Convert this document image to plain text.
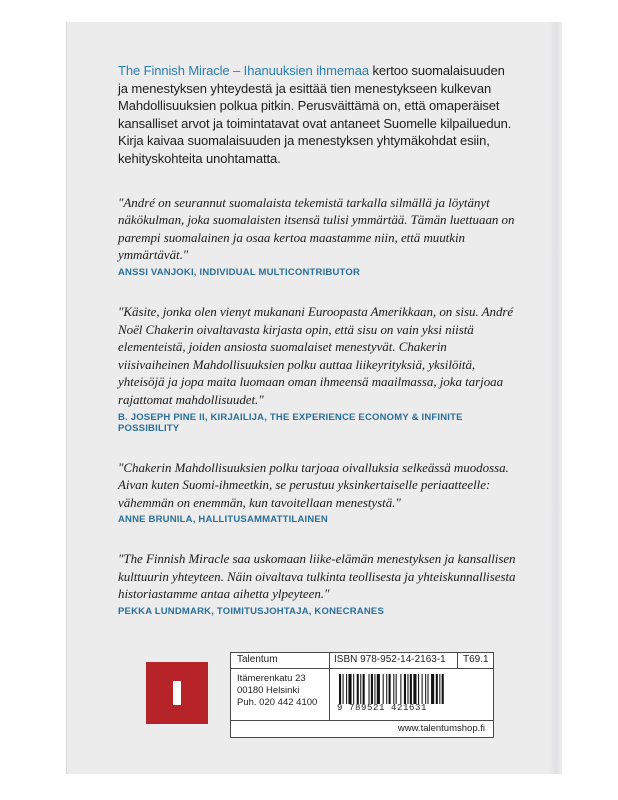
The Finnish Miracle – Ihanuuksien ihmemaa kertoo suomalaisuuden ja menestyksen yhteydestä ja esittää tien menestykseen kulkevan Mahdollisuuksien polkua pitkin. Perusväittämä on, että omaperäiset kansalliset arvot ja toimintatavat ovat antaneet Suomelle kilpailuedun. Kirja kaivaa suomalaisuuden ja menestyksen yhtymäkohdat esiin, kehityskohteita unohtamatta.

"André on seurannut suomalaista tekemistä tarkalla silmällä ja löytänyt näkökulman, joka suomalaisten itsensä tulisi ymmärtää. Tämän luettuaan on parempi suomalainen ja osaa kertoa maastamme niin, että muutkin ymmärtävät."

ANSSI VANJOKI, INDIVIDUAL MULTICONTRIBUTOR

"Käsite, jonka olen vienyt mukanani Euroopasta Amerikkaan, on sisu. André Noël Chakerin oivaltavasta kirjasta opin, että sisu on vain yksi niistä elementeistä, joiden ansiosta suomalaiset menestyvät. Chakerin viisivaiheinen Mahdollisuuksien polku auttaa liikeyrityksiä, yksilöitä, yhteisöjä ja jopa maita luomaan oman ihmeensä maailmassa, joka tarjoaa rajattomat mahdollisuudet."

B. JOSEPH PINE II, KIRJAILIJA, THE EXPERIENCE ECONOMY & INFINITE POSSIBILITY

"Chakerin Mahdollisuuksien polku tarjoaa oivalluksia selkeässä muodossa. Aivan kuten Suomi-ihmeetkin, se perustuu yksinkertaiselle periaatteelle: vähemmän on enemmän, kun tavoitellaan menestystä."

ANNE BRUNILA, HALLITUSAMMATTILAINEN

"The Finnish Miracle saa uskomaan liike-elämän menestyksen ja kansallisen kulttuurin yhteyteen. Näin oivaltava tulkinta teollisesta ja yhteiskunnallisesta historiastamme antaa aihetta ylpeyteen."

PEKKA LUNDMARK, TOIMITUSJOHTAJA, KONECRANES
Talentum	ISBN 978-952-14-2163-1 T69.1
Itämerenkatu 23
00180 Helsinki
Puh. 020 442 4100 9 789521 421631
www.talentumshop.fi
